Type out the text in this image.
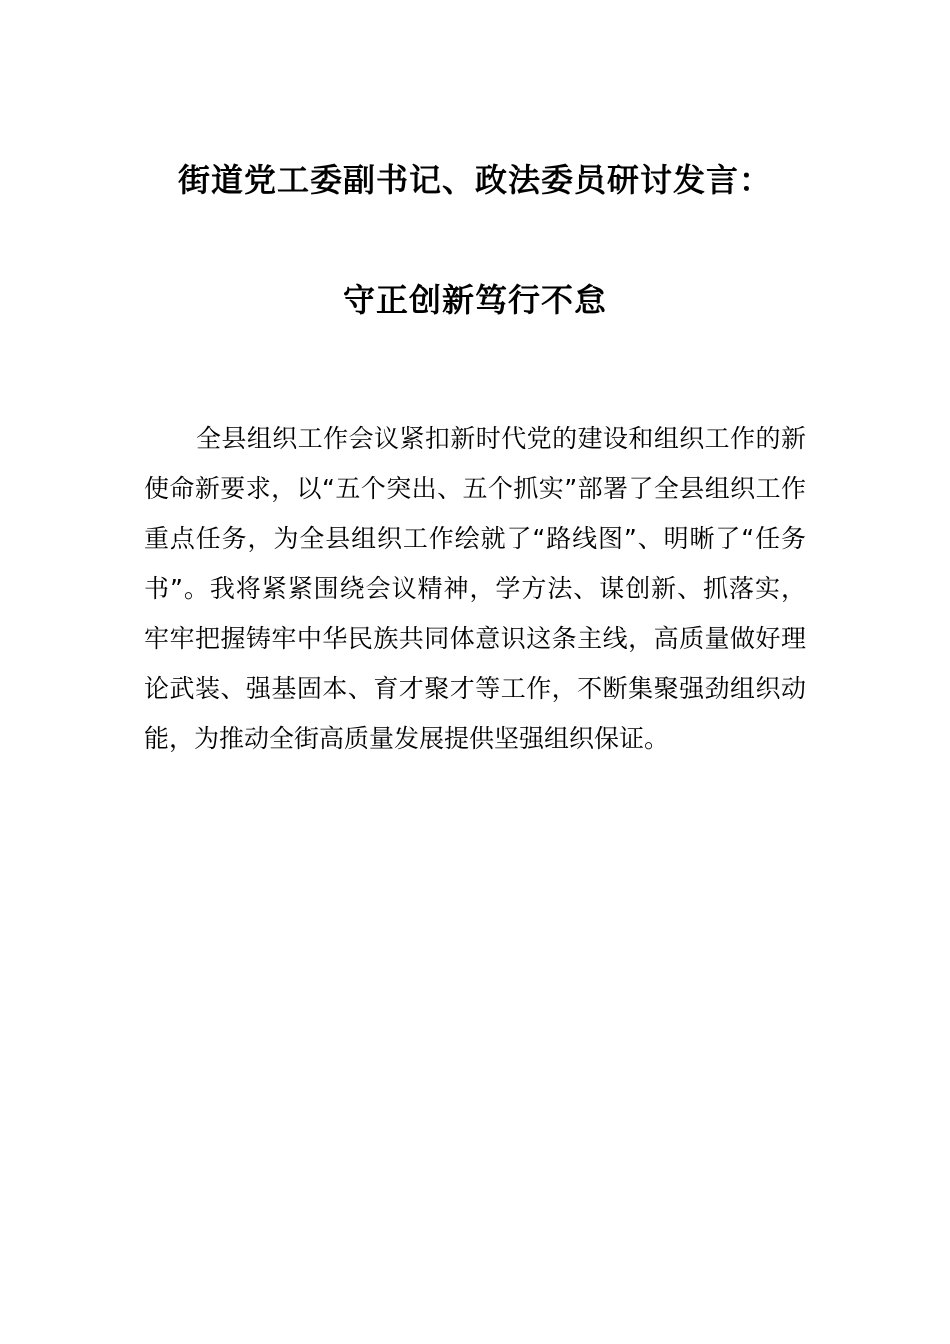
街道党工委副书记、政法委员研讨发言：
守正创新笃行不怠

全县组织工作会议紧扣新时代党的建设和组织工作的新使命新要求，以“五个突出、五个抓实”部署了全县组织工作重点任务，为全县组织工作绘就了“路线图”、明晰了“任务书”。我将紧紧围绕会议精神，学方法、谋创新、抓落实，牢牢把握铸牢中华民族共同体意识这条主线，高质量做好理论武装、强基固本、育才聚才等工作，不断集聚强劲组织动能，为推动全街高质量发展提供坚强组织保证。
